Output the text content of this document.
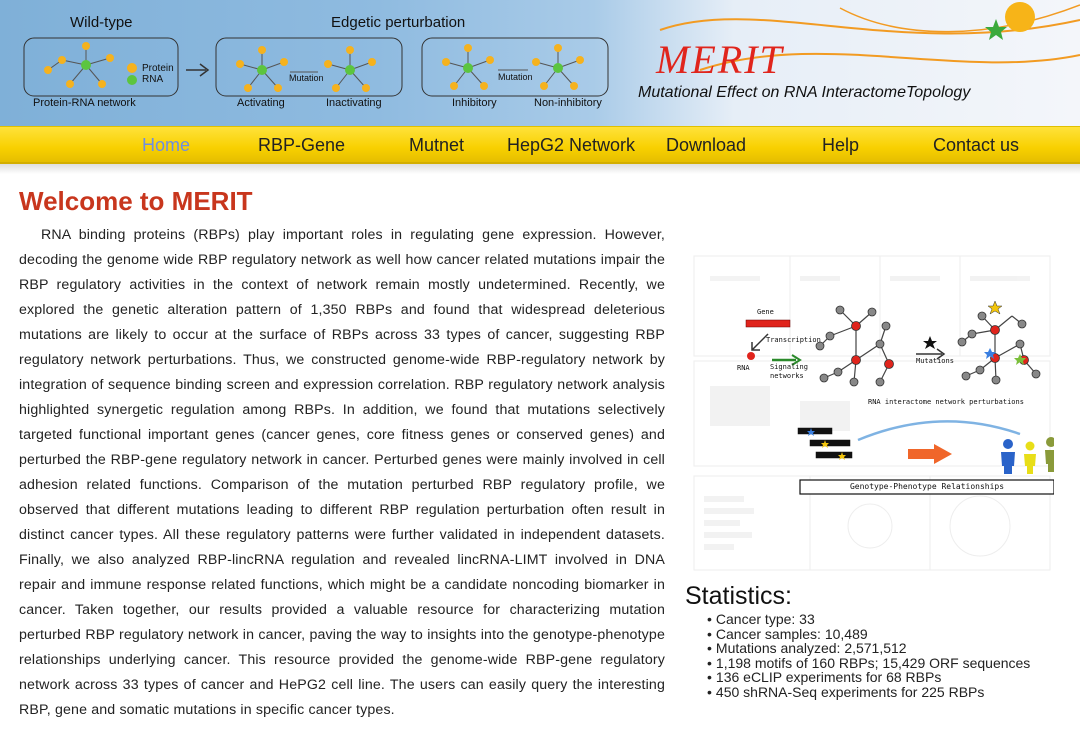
Wild-type	Edgetic perturbation
Protein
RNA
Protein-RNA network
Mutation	Mutation
Activating	Inactivating	Inhibitory	Non-inhibitory
MERIT
Mutational Effect on RNA InteractomeTopology
Home	RBP-Gene	Mutnet HepG2 Network Download	Help	Contact us
Welcome to MERIT

RNA binding proteins (RBPs) play important roles in regulating gene expression. However, decoding the genome wide RBP regulatory network as well how cancer related mutations impair the RBP regulatory activities in the context of network remain mostly undetermined. Recently, we explored the genetic alteration pattern of 1,350 RBPs and found that widespread deleterious mutations are likely to occur at the surface of RBPs across 33 types of cancer, suggesting RBP regulatory network perturbations. Thus, we constructed genome-wide RBP-regulatory network by integration of sequence binding screen and expression correlation. RBP regulatory network analysis highlighted synergetic regulation among RBPs. In addition, we found that mutations selectively targeted functional important genes (cancer genes, core fitness genes or conserved genes) and perturbed the RBP-gene regulatory network in cancer. Perturbed genes were mainly involved in cell adhesion related functions. Comparison of the mutation perturbed RBP regulatory profile, we observed that different mutations leading to different RBP regulation perturbation often result in distinct cancer types. All these regulatory patterns were further validated in independent datasets. Finally, we also analyzed RBP-lincRNA regulation and revealed lincRNA-LIMT involved in DNA repair and immune response related functions, which might be a candidate noncoding biomarker in cancer. Taken together, our results provided a valuable resource for characterizing mutation perturbed RBP regulatory network in cancer, paving the way to insights into the genotype-phenotype relationships underlying cancer. This resource provided the genome-wide RBP-gene regulatory network across 33 types of cancer and HePG2 cell line. The users can easily query the interesting RBP, gene and somatic mutations in specific cancer types.

Gene
Transcription
RNA	Signaling
networks
Mutations
RNA interactome network perturbations
Genotype-Phenotype Relationships
Statistics:
• Cancer type: 33
• Cancer samples: 10,489
• Mutations analyzed: 2,571,512
• 1,198 motifs of 160 RBPs; 15,429 ORF sequences
• 136 eCLIP experiments for 68 RBPs
• 450 shRNA-Seq experiments for 225 RBPs
